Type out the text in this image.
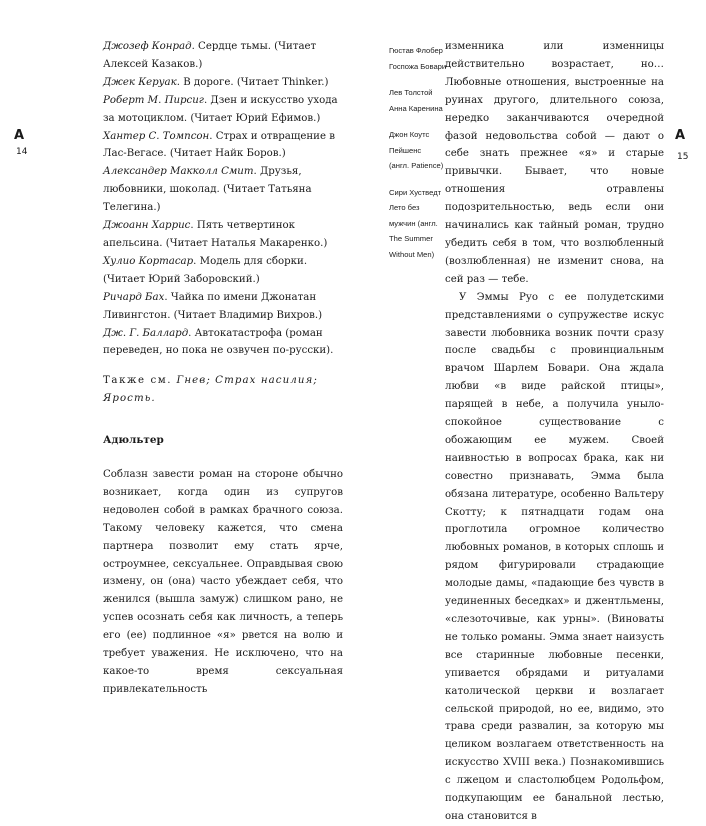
А
14

Джозеф Конрад. Сердце тьмы. (Читает Алексей Казаков.)

Джек Керуак. В дороге. (Читает Thinker.)

Роберт М. Пирсиг. Дзен и искусство ухода за мотоциклом. (Читает Юрий Ефимов.)

Хантер С. Томпсон. Страх и отвращение в Лас-Вегасе. (Читает Найк Боров.)

Александер Макколл Смит. Друзья, любовники, шоколад. (Читает Татьяна Телегина.)

Джоанн Харрис. Пять четвертинок апельсина. (Читает Наталья Макаренко.)

Хулио Кортасар. Модель для сборки. (Читает Юрий Заборовский.)

Ричард Бах. Чайка по имени Джонатан Ливингстон. (Читает Владимир Вихров.)

Дж. Г. Баллард. Автокатастрофа (роман переведен, но пока не озвучен по-русски).

Также см. Гнев; Страх насилия; Ярость.

Адюльтер

Соблазн завести роман на стороне обычно возникает, когда один из супругов недоволен собой в рамках брачного союза. Такому человеку кажется, что смена партнера позволит ему стать ярче, остроумнее, сексуальнее. Оправдывая свою измену, он (она) часто убеждает себя, что женился (вышла замуж) слишком рано, не успев осознать себя как личность, а теперь его (ее) подлинное «я» рвется на волю и требует уважения. Не исключено, что на какое-то время сексуальная привлекательность

Гюстав Флобер
Госпожа Бовари
Лев Толстой
Анна Каренина
Джон Коутс
Пейшенс
(англ. Patience)
Сири Хустведт
Лето без
мужчин (англ.
The Summer
Without Men)

изменника или изменницы действительно возрастает, но… Любовные отношения, выстроенные на руинах другого, длительного союза, нередко заканчиваются очередной фазой недовольства собой — дают о себе знать прежнее «я» и старые привычки. Бывает, что новые отношения отравлены подозрительностью, ведь если они начинались как тайный роман, трудно убедить себя в том, что возлюбленный (возлюбленная) не изменит снова, на сей раз — тебе.

У Эммы Руо с ее полудетскими представлениями о супружестве искус завести любовника возник почти сразу после свадьбы с провинциальным врачом Шарлем Бовари. Она ждала любви «в виде райской птицы», парящей в небе, а получила уныло-спокойное существование с обожающим ее мужем. Своей наивностью в вопросах брака, как ни совестно признавать, Эмма была обязана литературе, особенно Вальтеру Скотту; к пятнадцати годам она проглотила огромное количество любовных романов, в которых сплошь и рядом фигурировали страдающие молодые дамы, «падающие без чувств в уединенных беседках» и джентльмены, «слезоточивые, как урны». (Виноваты не только романы. Эмма знает наизусть все старинные любовные песенки, упивается обрядами и ритуалами католической церкви и возлагает сельской природой, но ее, видимо, это трава среди развалин, за которую мы целиком возлагаем ответственность на искусство XVIII века.) Познакомившись с лжецом и сластолюбцем Родольфом, подкупающим ее банальной лестью, она становится в

А
15
